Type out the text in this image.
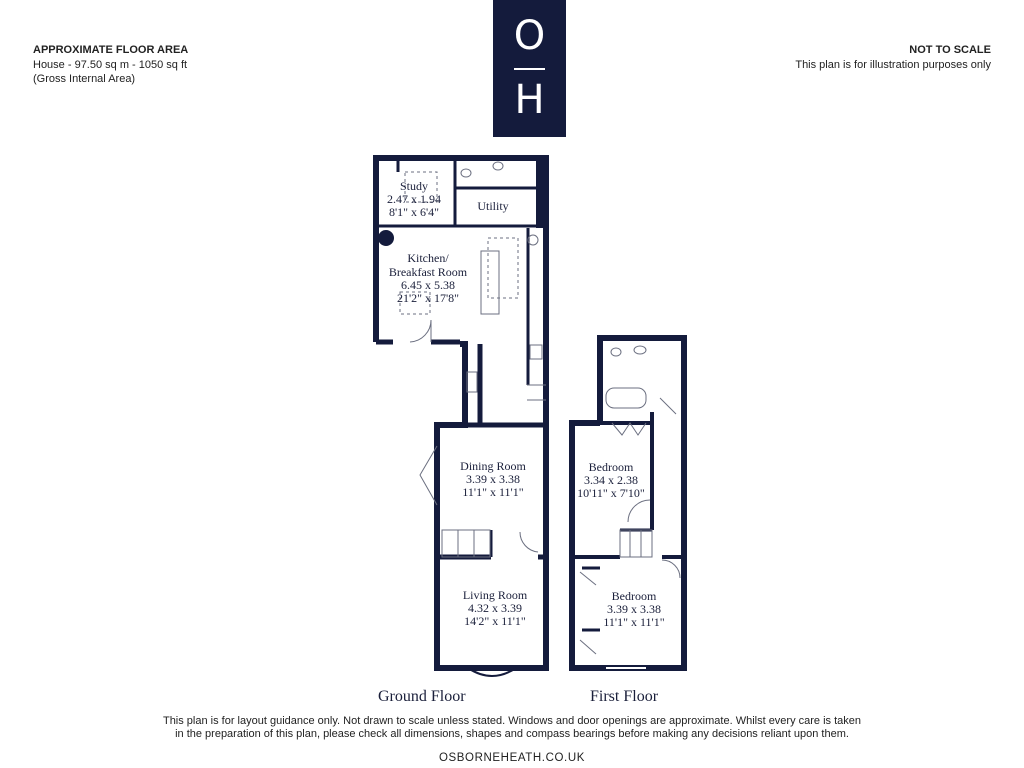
APPROXIMATE FLOOR AREA
House - 97.50 sq m - 1050 sq ft
(Gross Internal Area)
NOT TO SCALE
This plan is for illustration purposes only
O
H
Study
2.47 x 1.94
8'1" x 6'4"	Utility
Kitchen/
Breakfast Room
6.45 x 5.38
21'2" x 17'8"
Dining Room
3.39 x 3.38
11'1" x 11'1"
Living Room
4.32 x 3.39
14'2" x 11'1"
Bedroom
3.34 x 2.38
10'11" x 7'10"
Bedroom
3.39 x 3.38
11'1" x 11'1"
Ground Floor	First Floor
This plan is for layout guidance only. Not drawn to scale unless stated. Windows and door openings are approximate. Whilst every care is taken
in the preparation of this plan, please check all dimensions, shapes and compass bearings before making any decisions reliant upon them.
OSBORNEHEATH.CO.UK
